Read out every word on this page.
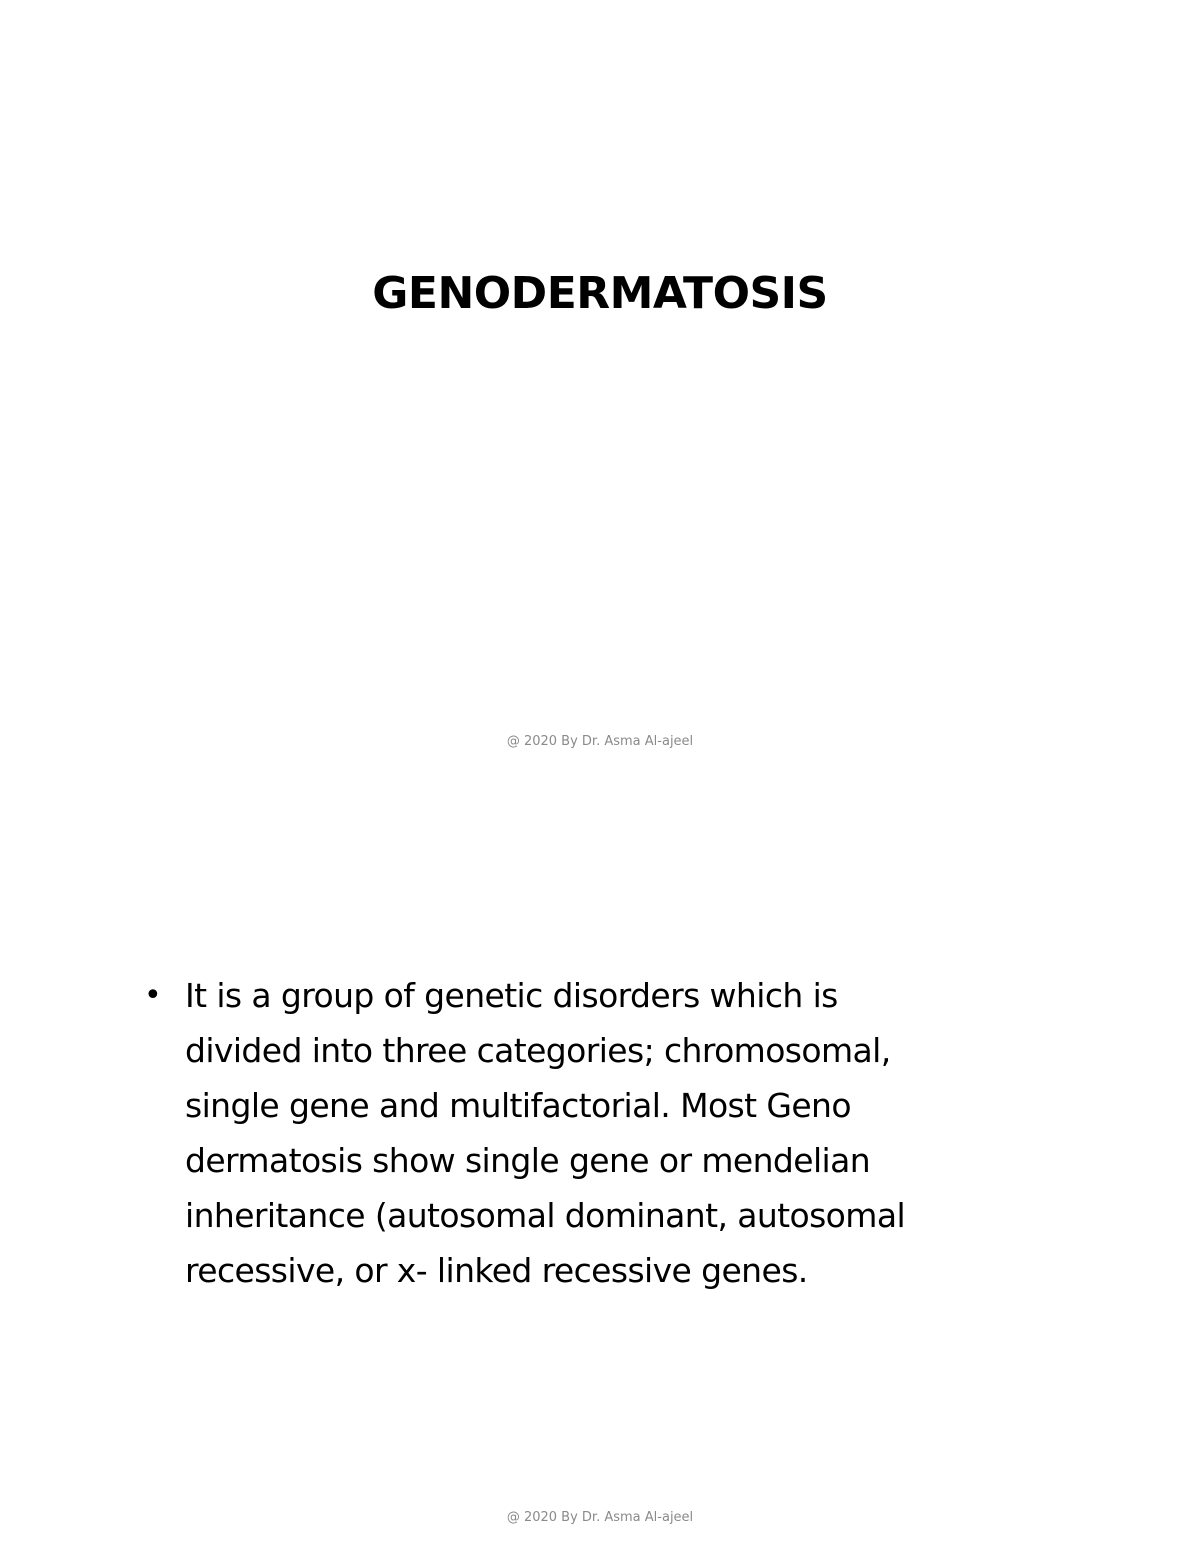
GENODERMATOSIS
@ 2020 By Dr. Asma Al-ajeel
• It is a group of genetic disorders which is
divided into three categories; chromosomal,
single gene and multifactorial. Most Geno
dermatosis show single gene or mendelian
inheritance (autosomal dominant, autosomal
recessive, or x- linked recessive genes.
@ 2020 By Dr. Asma Al-ajeel
